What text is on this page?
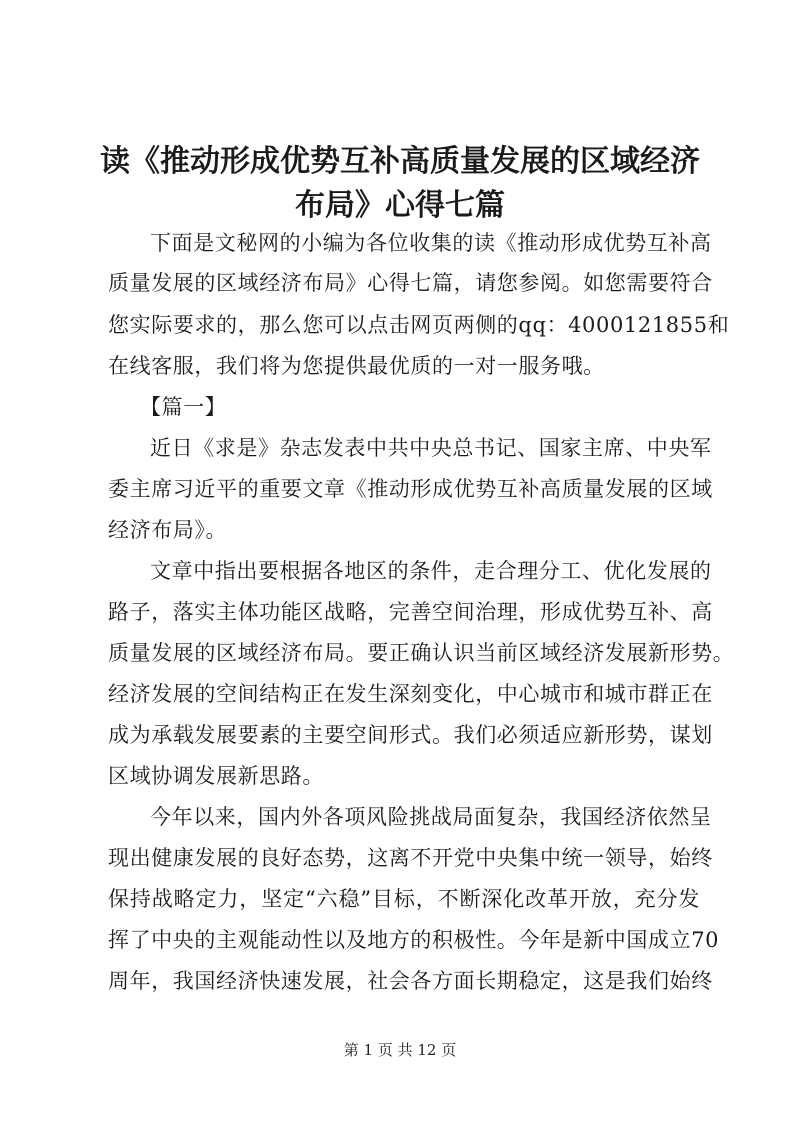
读《推动形成优势互补高质量发展的区域经济
布局》心得七篇
下面是文秘网的小编为各位收集的读《推动形成优势互补高
质量发展的区域经济布局》心得七篇，请您参阅。如您需要符合
您实际要求的，那么您可以点击网页两侧的qq：4000121855和
在线客服，我们将为您提供最优质的一对一服务哦。
【篇一】
近日《求是》杂志发表中共中央总书记、国家主席、中央军
委主席习近平的重要文章《推动形成优势互补高质量发展的区域
经济布局》。
文章中指出要根据各地区的条件，走合理分工、优化发展的
路子，落实主体功能区战略，完善空间治理，形成优势互补、高
质量发展的区域经济布局。要正确认识当前区域经济发展新形势。
经济发展的空间结构正在发生深刻变化，中心城市和城市群正在
成为承载发展要素的主要空间形式。我们必须适应新形势，谋划
区域协调发展新思路。
今年以来，国内外各项风险挑战局面复杂，我国经济依然呈
现出健康发展的良好态势，这离不开党中央集中统一领导，始终
保持战略定力，坚定“六稳”目标，不断深化改革开放，充分发
挥了中央的主观能动性以及地方的积极性。今年是新中国成立70
周年，我国经济快速发展，社会各方面长期稳定，这是我们始终
第 1 页 共 12 页
